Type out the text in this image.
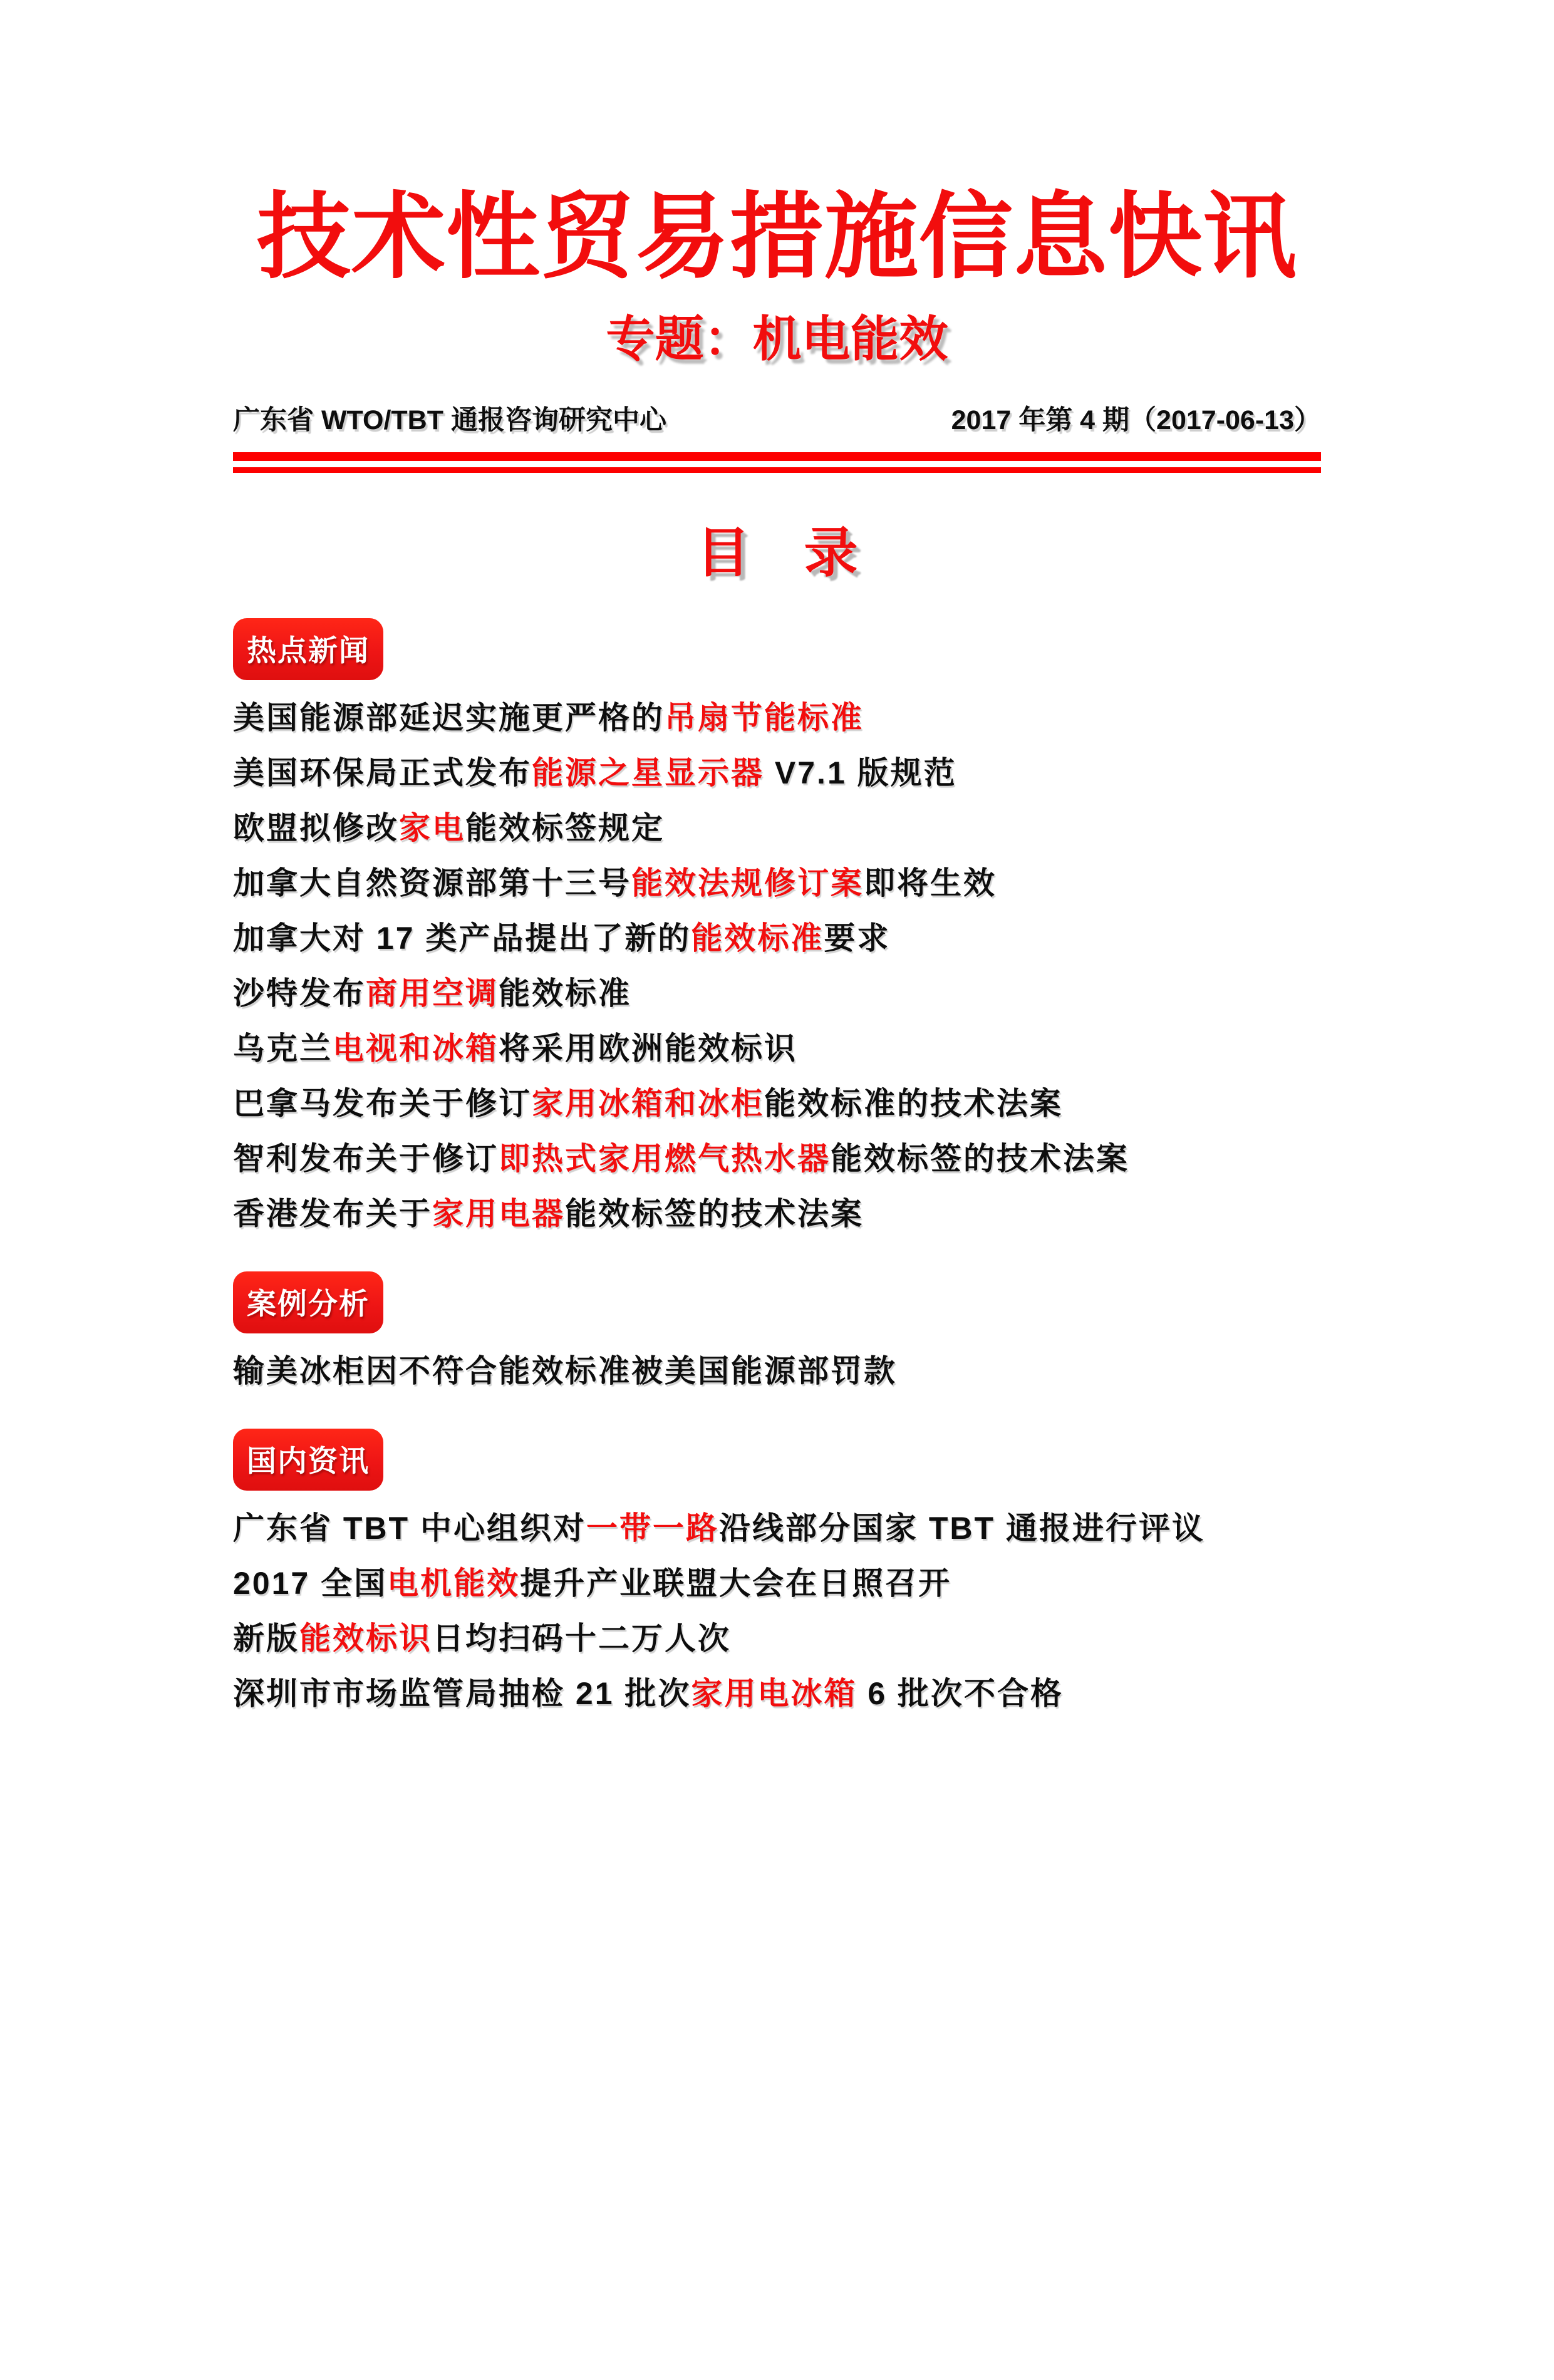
技术性贸易措施信息快讯
专题：机电能效
广东省 WTO/TBT 通报咨询研究中心	2017 年第 4 期（2017-06-13）
目　录
热点新闻
美国能源部延迟实施更严格的吊扇节能标准
美国环保局正式发布能源之星显示器 V7.1 版规范
欧盟拟修改家电能效标签规定
加拿大自然资源部第十三号能效法规修订案即将生效
加拿大对 17 类产品提出了新的能效标准要求
沙特发布商用空调能效标准
乌克兰电视和冰箱将采用欧洲能效标识
巴拿马发布关于修订家用冰箱和冰柜能效标准的技术法案
智利发布关于修订即热式家用燃气热水器能效标签的技术法案
香港发布关于家用电器能效标签的技术法案
案例分析
输美冰柜因不符合能效标准被美国能源部罚款
国内资讯
广东省 TBT 中心组织对一带一路沿线部分国家 TBT 通报进行评议
2017 全国电机能效提升产业联盟大会在日照召开
新版能效标识日均扫码十二万人次
深圳市市场监管局抽检 21 批次家用电冰箱 6 批次不合格
